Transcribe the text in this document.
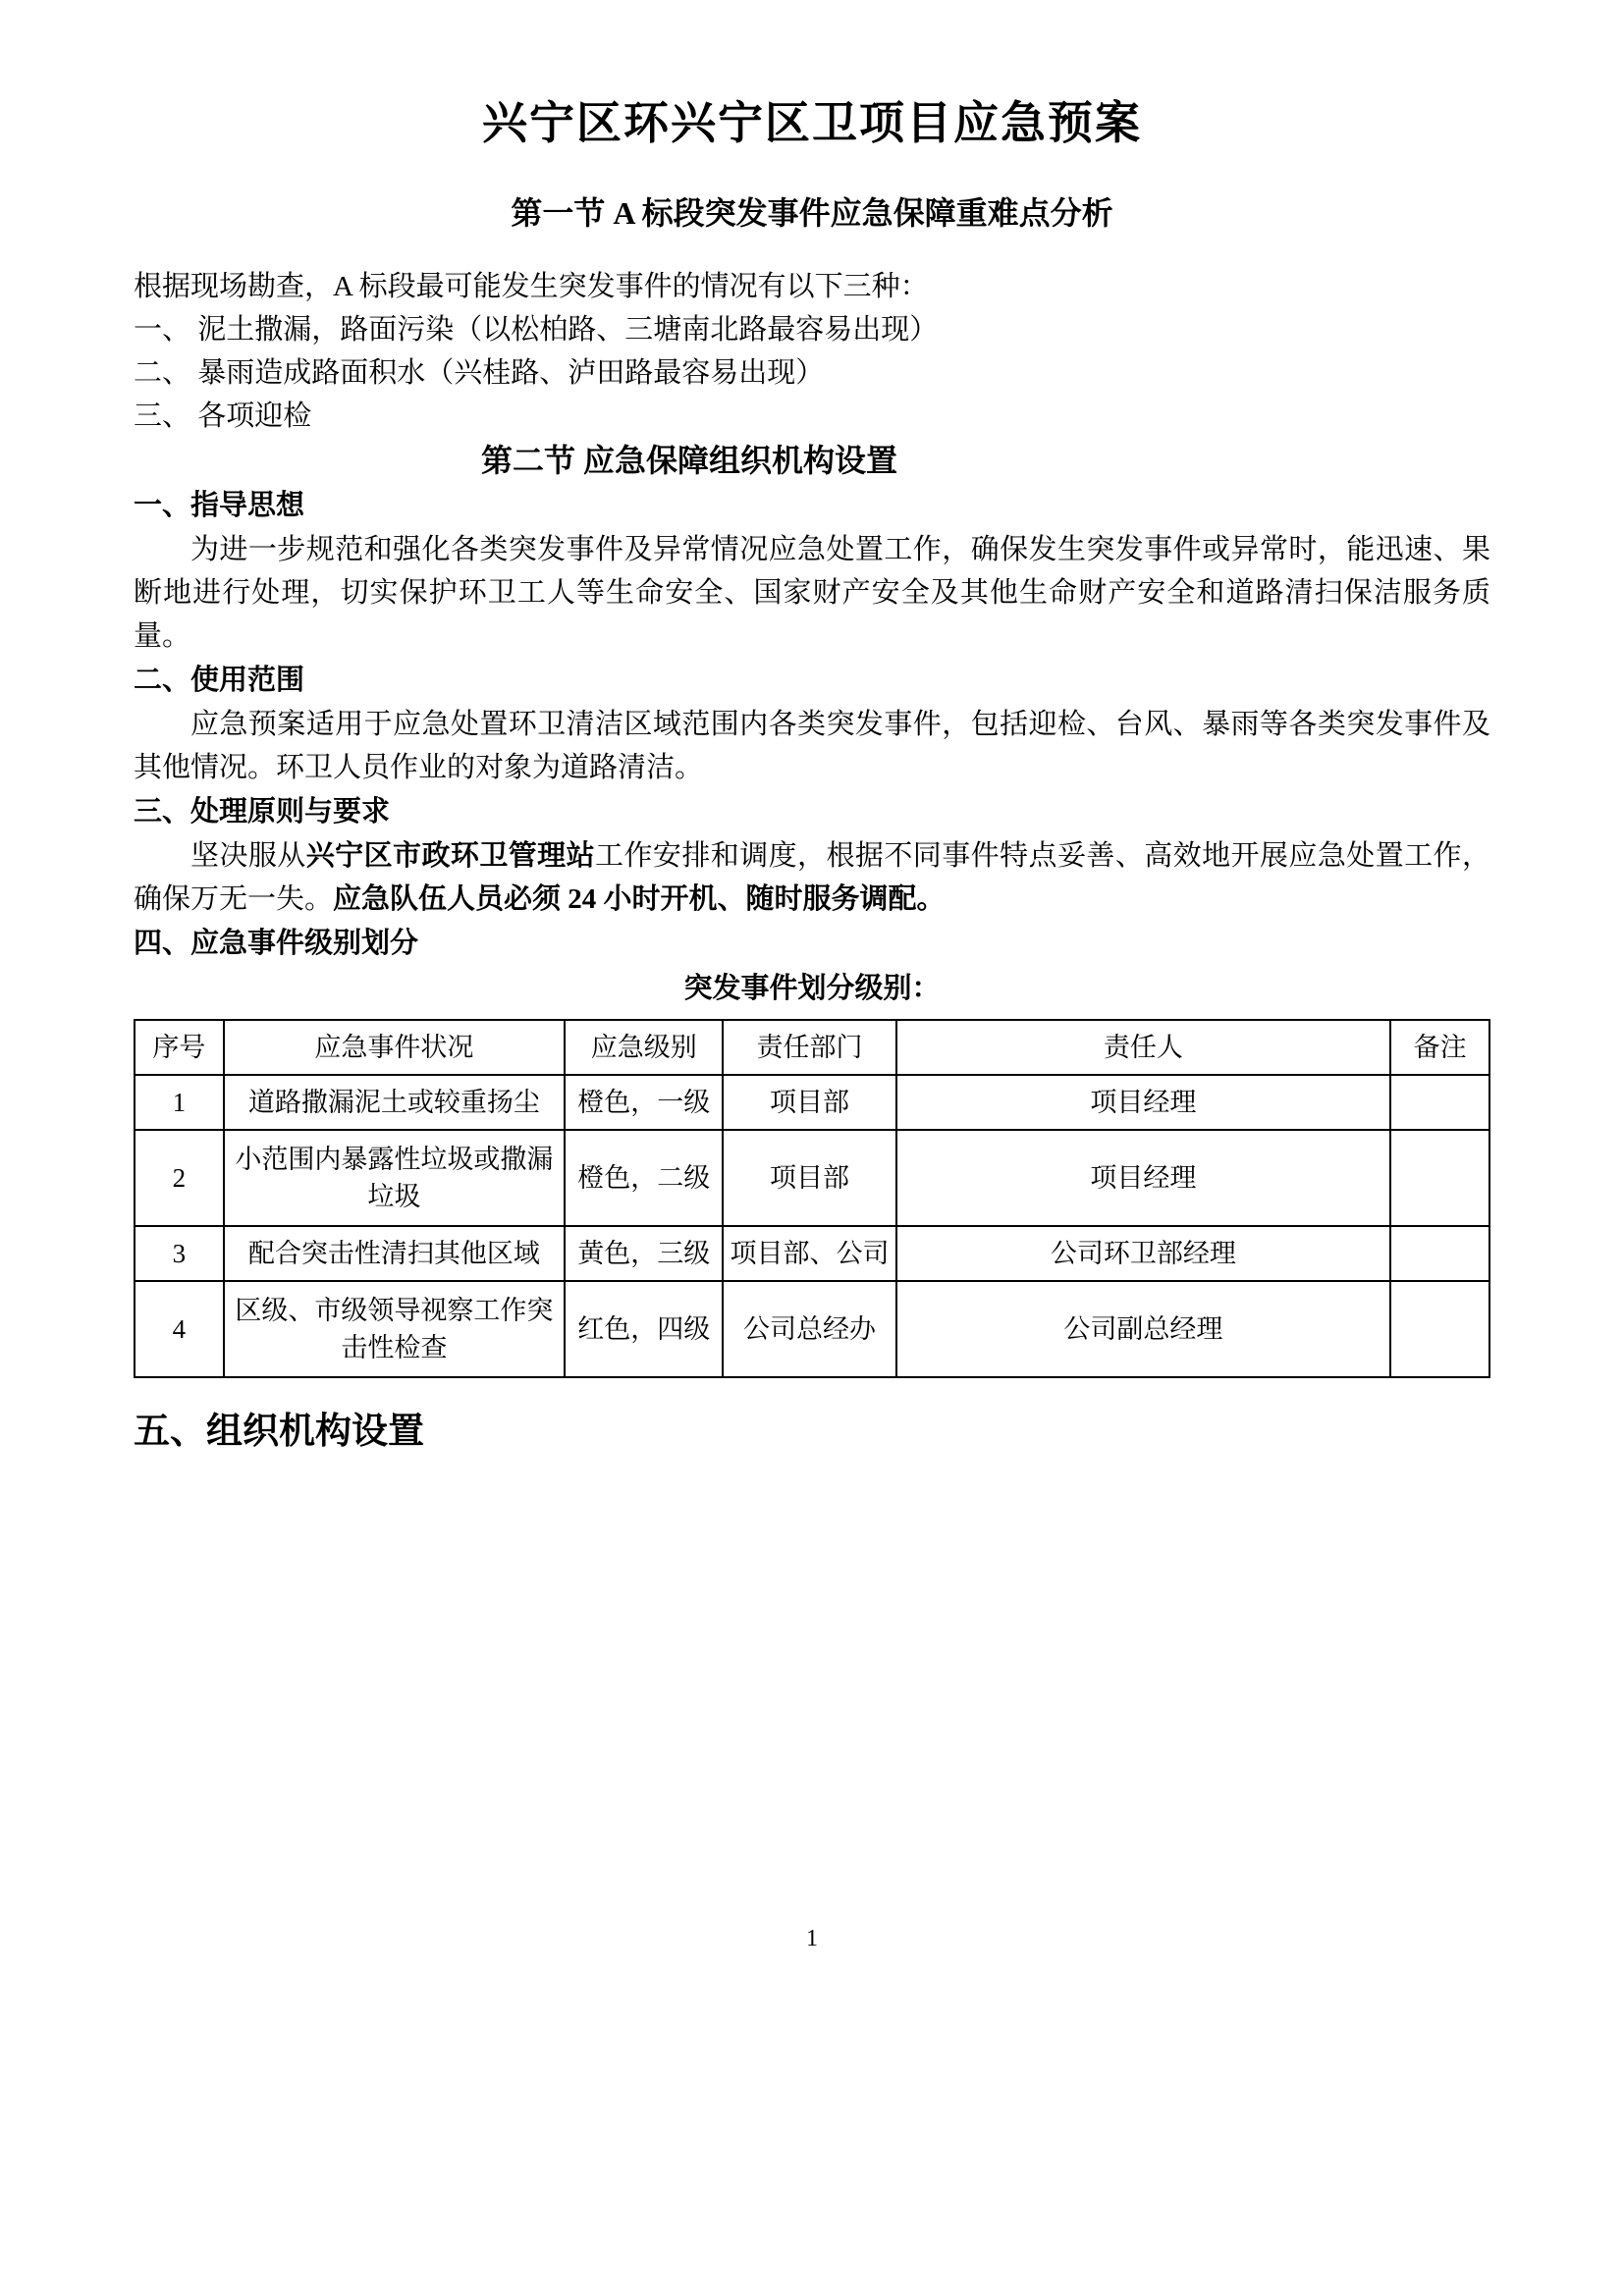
兴宁区环兴宁区卫项目应急预案
第一节 A 标段突发事件应急保障重难点分析

根据现场勘查，A 标段最可能发生突发事件的情况有以下三种：

一、 泥土撒漏，路面污染（以松柏路、三塘南北路最容易出现）

二、 暴雨造成路面积水（兴桂路、泸田路最容易出现）

三、 各项迎检

第二节 应急保障组织机构设置
一、指导思想

为进一步规范和强化各类突发事件及异常情况应急处置工作，确保发生突发事件或异常时，能迅速、果断地进行处理，切实保护环卫工人等生命安全、国家财产安全及其他生命财产安全和道路清扫保洁服务质量。

二、使用范围

应急预案适用于应急处置环卫清洁区域范围内各类突发事件，包括迎检、台风、暴雨等各类突发事件及其他情况。环卫人员作业的对象为道路清洁。

三、处理原则与要求

坚决服从兴宁区市政环卫管理站工作安排和调度，根据不同事件特点妥善、高效地开展应急处置工作，确保万无一失。应急队伍人员必须 24 小时开机、随时服务调配。

四、应急事件级别划分

突发事件划分级别：

序号	应急事件状况	应急级别	责任部门	责任人	备注
1	道路撒漏泥土或较重扬尘	橙色，一级	项目部	项目经理	
2	小范围内暴露性垃圾或撒漏垃圾	橙色，二级	项目部	项目经理	
3	配合突击性清扫其他区域	黄色，三级	项目部、公司	公司环卫部经理	
4	区级、市级领导视察工作突击性检查	红色，四级	公司总经办	公司副总经理	
五、组织机构设置
1
